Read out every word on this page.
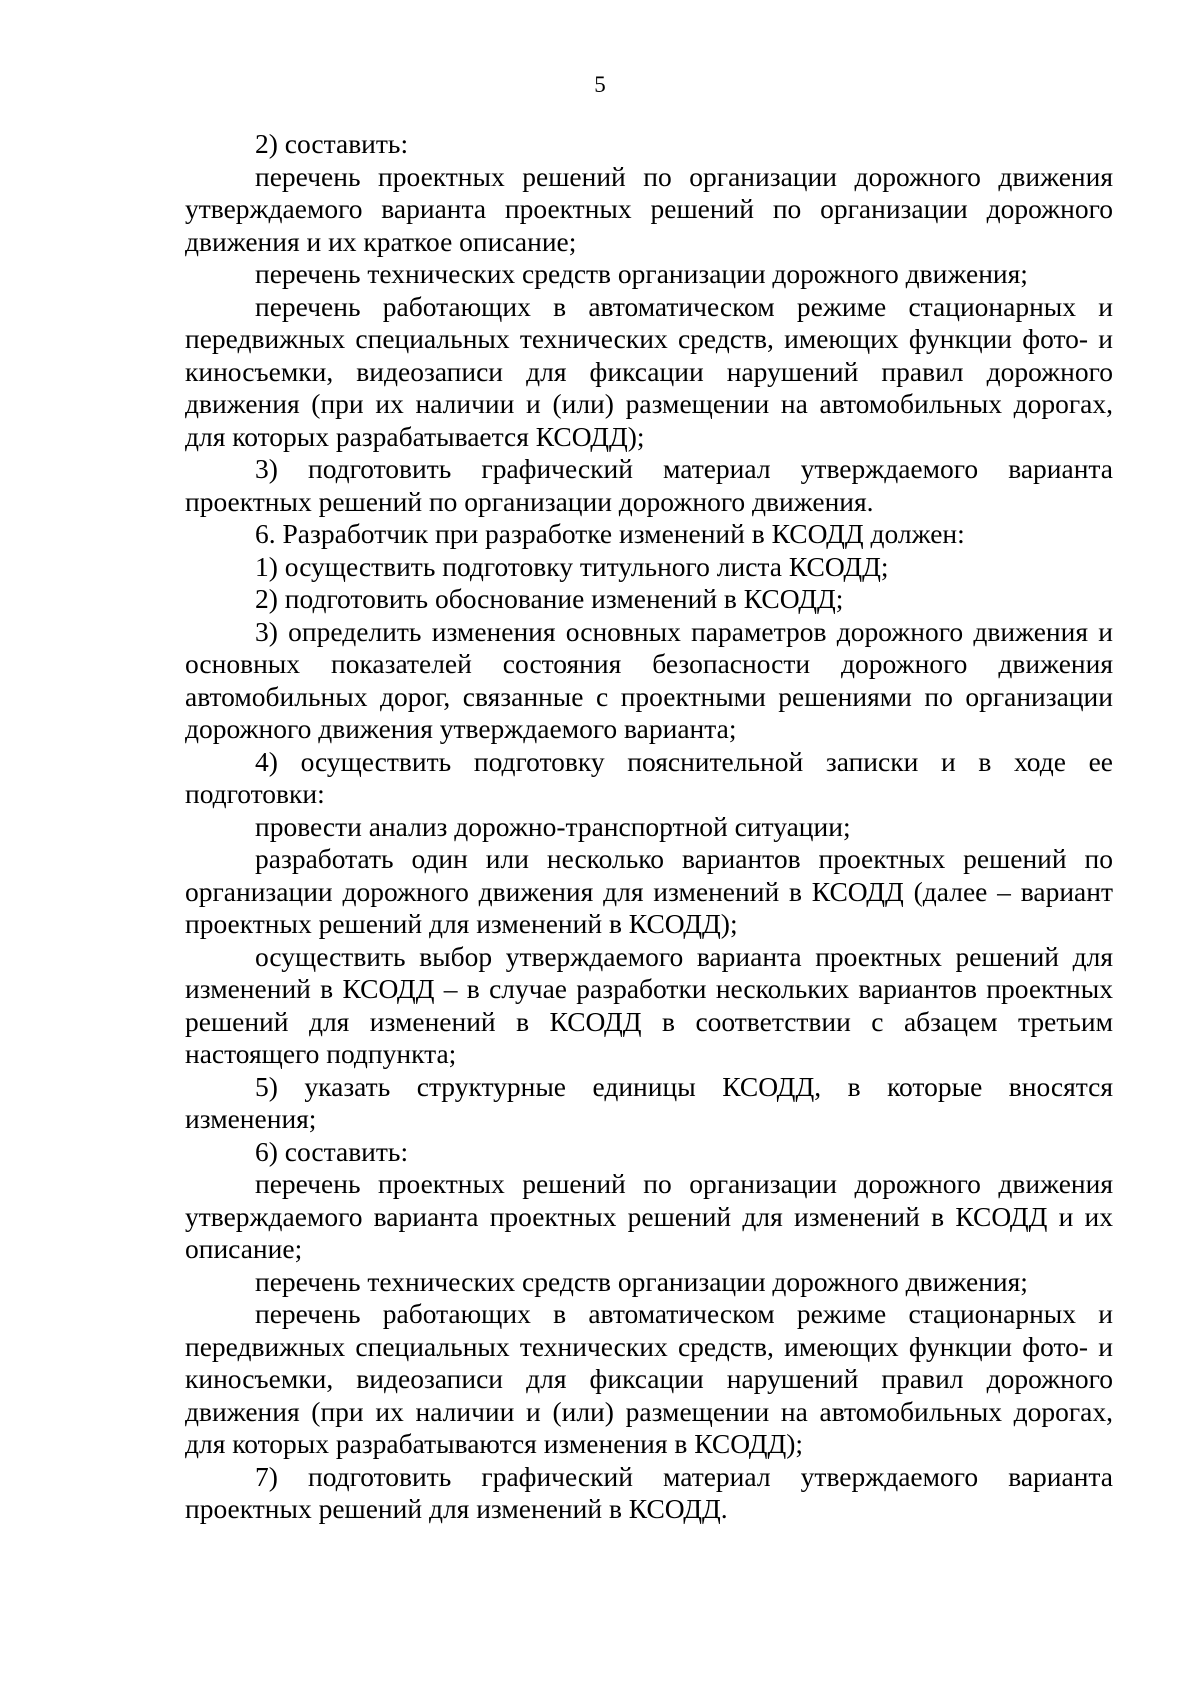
5

2) составить:

перечень проектных решений по организации дорожного движения утверждаемого варианта проектных решений по организации дорожного движения и их краткое описание;

перечень технических средств организации дорожного движения;

перечень работающих в автоматическом режиме стационарных и передвижных специальных технических средств, имеющих функции фото- и киносъемки, видеозаписи для фиксации нарушений правил дорожного движения (при их наличии и (или) размещении на автомобильных дорогах, для которых разрабатывается КСОДД);

3) подготовить графический материал утверждаемого варианта проектных решений по организации дорожного движения.

6. Разработчик при разработке изменений в КСОДД должен:

1) осуществить подготовку титульного листа КСОДД;

2) подготовить обоснование изменений в КСОДД;

3) определить изменения основных параметров дорожного движения и основных показателей состояния безопасности дорожного движения автомобильных дорог, связанные с проектными решениями по организации дорожного движения утверждаемого варианта;

4) осуществить подготовку пояснительной записки и в ходе ее подготовки:

провести анализ дорожно-транспортной ситуации;

разработать один или несколько вариантов проектных решений по организации дорожного движения для изменений в КСОДД (далее – вариант проектных решений для изменений в КСОДД);

осуществить выбор утверждаемого варианта проектных решений для изменений в КСОДД – в случае разработки нескольких вариантов проектных решений для изменений в КСОДД в соответствии с абзацем третьим настоящего подпункта;

5) указать структурные единицы КСОДД, в которые вносятся изменения;

6) составить:

перечень проектных решений по организации дорожного движения утверждаемого варианта проектных решений для изменений в КСОДД и их описание;

перечень технических средств организации дорожного движения;

перечень работающих в автоматическом режиме стационарных и передвижных специальных технических средств, имеющих функции фото- и киносъемки, видеозаписи для фиксации нарушений правил дорожного движения (при их наличии и (или) размещении на автомобильных дорогах, для которых разрабатываются изменения в КСОДД);

7) подготовить графический материал утверждаемого варианта проектных решений для изменений в КСОДД.
